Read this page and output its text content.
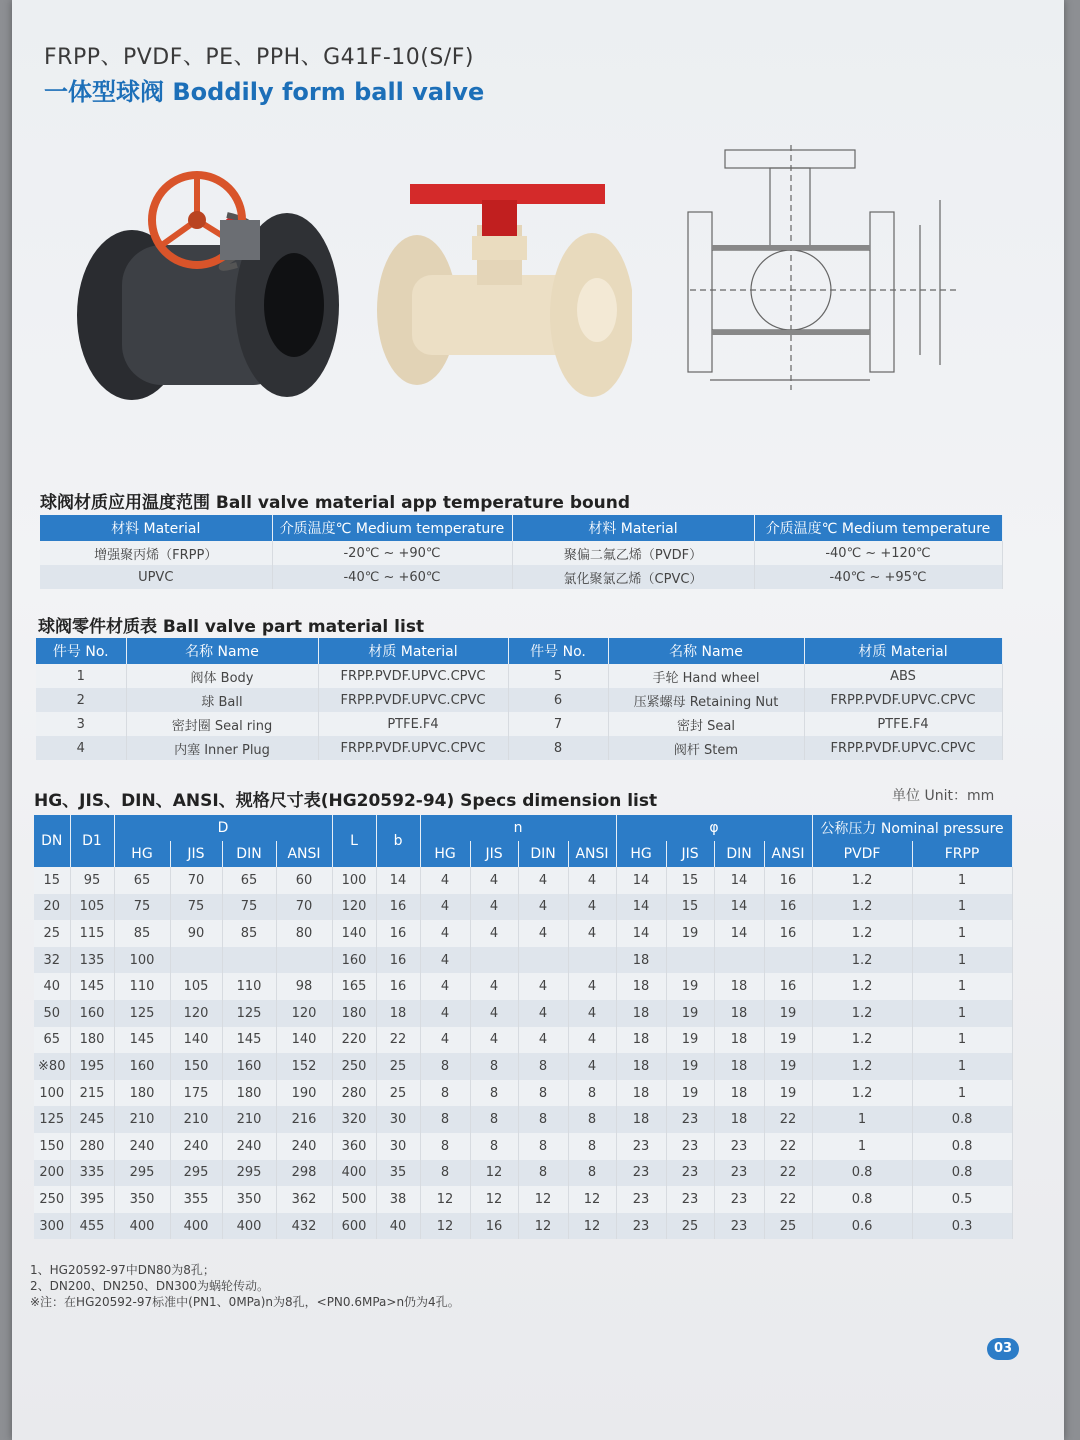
FRPP、PVDF、PE、PPH、G41F-10(S/F)
一体型球阀 Boddily form ball valve
球阀材质应用温度范围 Ball valve material app temperature bound
材料 Material	介质温度℃ Medium temperature	材料 Material	介质温度℃ Medium temperature
增强聚丙烯（FRPP）	-20℃ ~ +90℃	聚偏二氟乙烯（PVDF）	-40℃ ~ +120℃
UPVC	-40℃ ~ +60℃	氯化聚氯乙烯（CPVC）	-40℃ ~ +95℃
球阀零件材质表 Ball valve part material list
件号 No.	名称 Name	材质 Material	件号 No.	名称 Name	材质 Material
1	阀体 Body	FRPP.PVDF.UPVC.CPVC	5	手轮 Hand wheel	ABS
2	球 Ball	FRPP.PVDF.UPVC.CPVC	6	压紧螺母 Retaining Nut	FRPP.PVDF.UPVC.CPVC
3	密封圈 Seal ring	PTFE.F4	7	密封 Seal	PTFE.F4
4	内塞 Inner Plug	FRPP.PVDF.UPVC.CPVC	8	阀杆 Stem	FRPP.PVDF.UPVC.CPVC
HG、JIS、DIN、ANSI、规格尺寸表(HG20592-94) Specs dimension list	单位 Unit：mm
DN	D1	D				L	b	n				φ				公称压力 Nominal pressure	
		HG	JIS	DIN	ANSI			HG	JIS	DIN	ANSI	HG	JIS	DIN	ANSI	PVDF	FRPP
15	95	65	70	65	60	100	14	4	4	4	4	14	15	14	16	1.2	1
20	105	75	75	75	70	120	16	4	4	4	4	14	15	14	16	1.2	1
25	115	85	90	85	80	140	16	4	4	4	4	14	19	14	16	1.2	1
32	135	100				160	16	4				18				1.2	1
40	145	110	105	110	98	165	16	4	4	4	4	18	19	18	16	1.2	1
50	160	125	120	125	120	180	18	4	4	4	4	18	19	18	19	1.2	1
65	180	145	140	145	140	220	22	4	4	4	4	18	19	18	19	1.2	1
※80	195	160	150	160	152	250	25	8	8	8	4	18	19	18	19	1.2	1
100	215	180	175	180	190	280	25	8	8	8	8	18	19	18	19	1.2	1
125	245	210	210	210	216	320	30	8	8	8	8	18	23	18	22	1	0.8
150	280	240	240	240	240	360	30	8	8	8	8	23	23	23	22	1	0.8
200	335	295	295	295	298	400	35	8	12	8	8	23	23	23	22	0.8	0.8
250	395	350	355	350	362	500	38	12	12	12	12	23	23	23	22	0.8	0.5
300	455	400	400	400	432	600	40	12	16	12	12	23	25	23	25	0.6	0.3
1、HG20592-97中DN80为8孔；
2、DN200、DN250、DN300为蜗轮传动。
※注：在HG20592-97标准中(PN1、0MPa)n为8孔，<PN0.6MPa>n仍为4孔。
03
